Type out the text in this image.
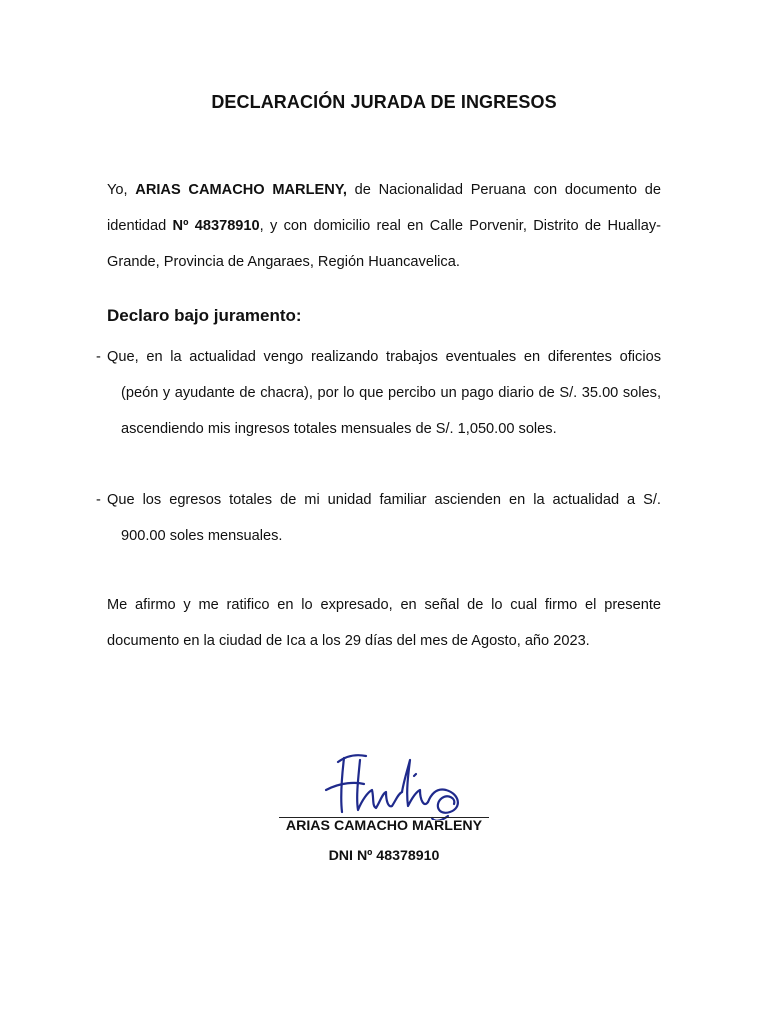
DECLARACIÓN JURADA DE INGRESOS

Yo, ARIAS CAMACHO MARLENY, de Nacionalidad Peruana con documento de identidad Nº 48378910, y con domicilio real en Calle Porvenir, Distrito de Huallay-Grande, Provincia de Angaraes, Región Huancavelica.

Declaro bajo juramento:
- Que, en la actualidad vengo realizando trabajos eventuales en diferentes oficios
(peón y ayudante de chacra), por lo que percibo un pago diario de S/. 35.00 soles, ascendiendo mis ingresos totales mensuales de S/. 1,050.00 soles.

- Que los egresos totales de mi unidad familiar ascienden en la actualidad a S/.
900.00 soles mensuales.

Me afirmo y me ratifico en lo expresado, en señal de lo cual firmo el presente documento en la ciudad de Ica a los 29 días del mes de Agosto, año 2023.

ARIAS CAMACHO MARLENY
DNI Nº 48378910
